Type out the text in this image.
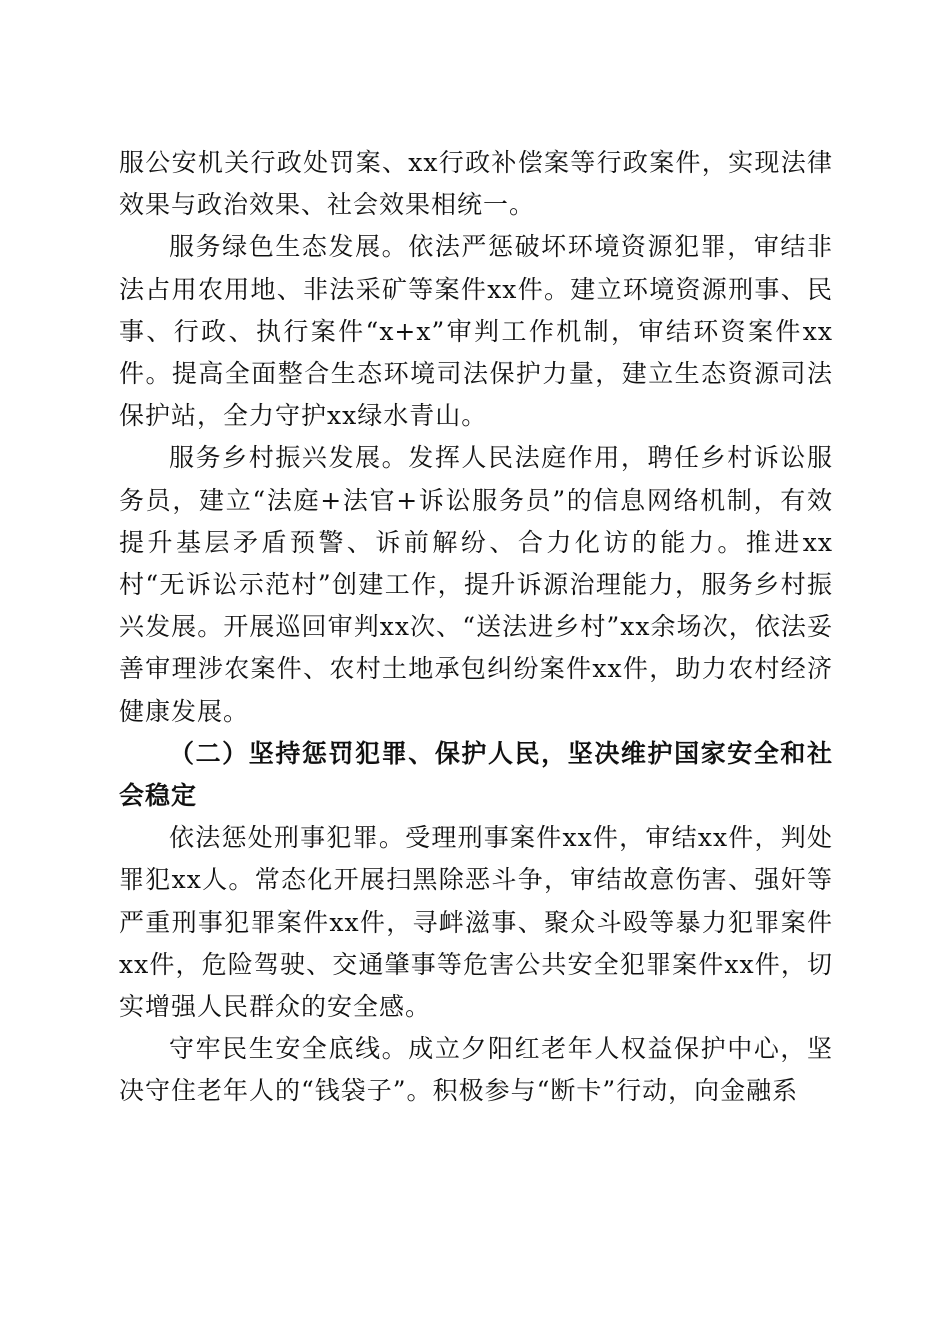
服公安机关行政处罚案、xx行政补偿案等行政案件，实现法律效果与政治效果、社会效果相统一。

服务绿色生态发展。依法严惩破坏环境资源犯罪，审结非法占用农用地、非法采矿等案件xx件。建立环境资源刑事、民事、行政、执行案件“x+x”审判工作机制，审结环资案件xx件。提高全面整合生态环境司法保护力量，建立生态资源司法保护站，全力守护xx绿水青山。

服务乡村振兴发展。发挥人民法庭作用，聘任乡村诉讼服务员，建立“法庭+法官+诉讼服务员”的信息网络机制，有效提升基层矛盾预警、诉前解纷、合力化访的能力。推进xx村“无诉讼示范村”创建工作，提升诉源治理能力，服务乡村振兴发展。开展巡回审判xx次、“送法进乡村”xx余场次，依法妥善审理涉农案件、农村土地承包纠纷案件xx件，助力农村经济健康发展。

（二）坚持惩罚犯罪、保护人民，坚决维护国家安全和社会稳定

依法惩处刑事犯罪。受理刑事案件xx件，审结xx件，判处罪犯xx人。常态化开展扫黑除恶斗争，审结故意伤害、强奸等严重刑事犯罪案件xx件，寻衅滋事、聚众斗殴等暴力犯罪案件xx件，危险驾驶、交通肇事等危害公共安全犯罪案件xx件，切实增强人民群众的安全感。

守牢民生安全底线。成立夕阳红老年人权益保护中心，坚决守住老年人的“钱袋子”。积极参与“断卡”行动，向金融系
